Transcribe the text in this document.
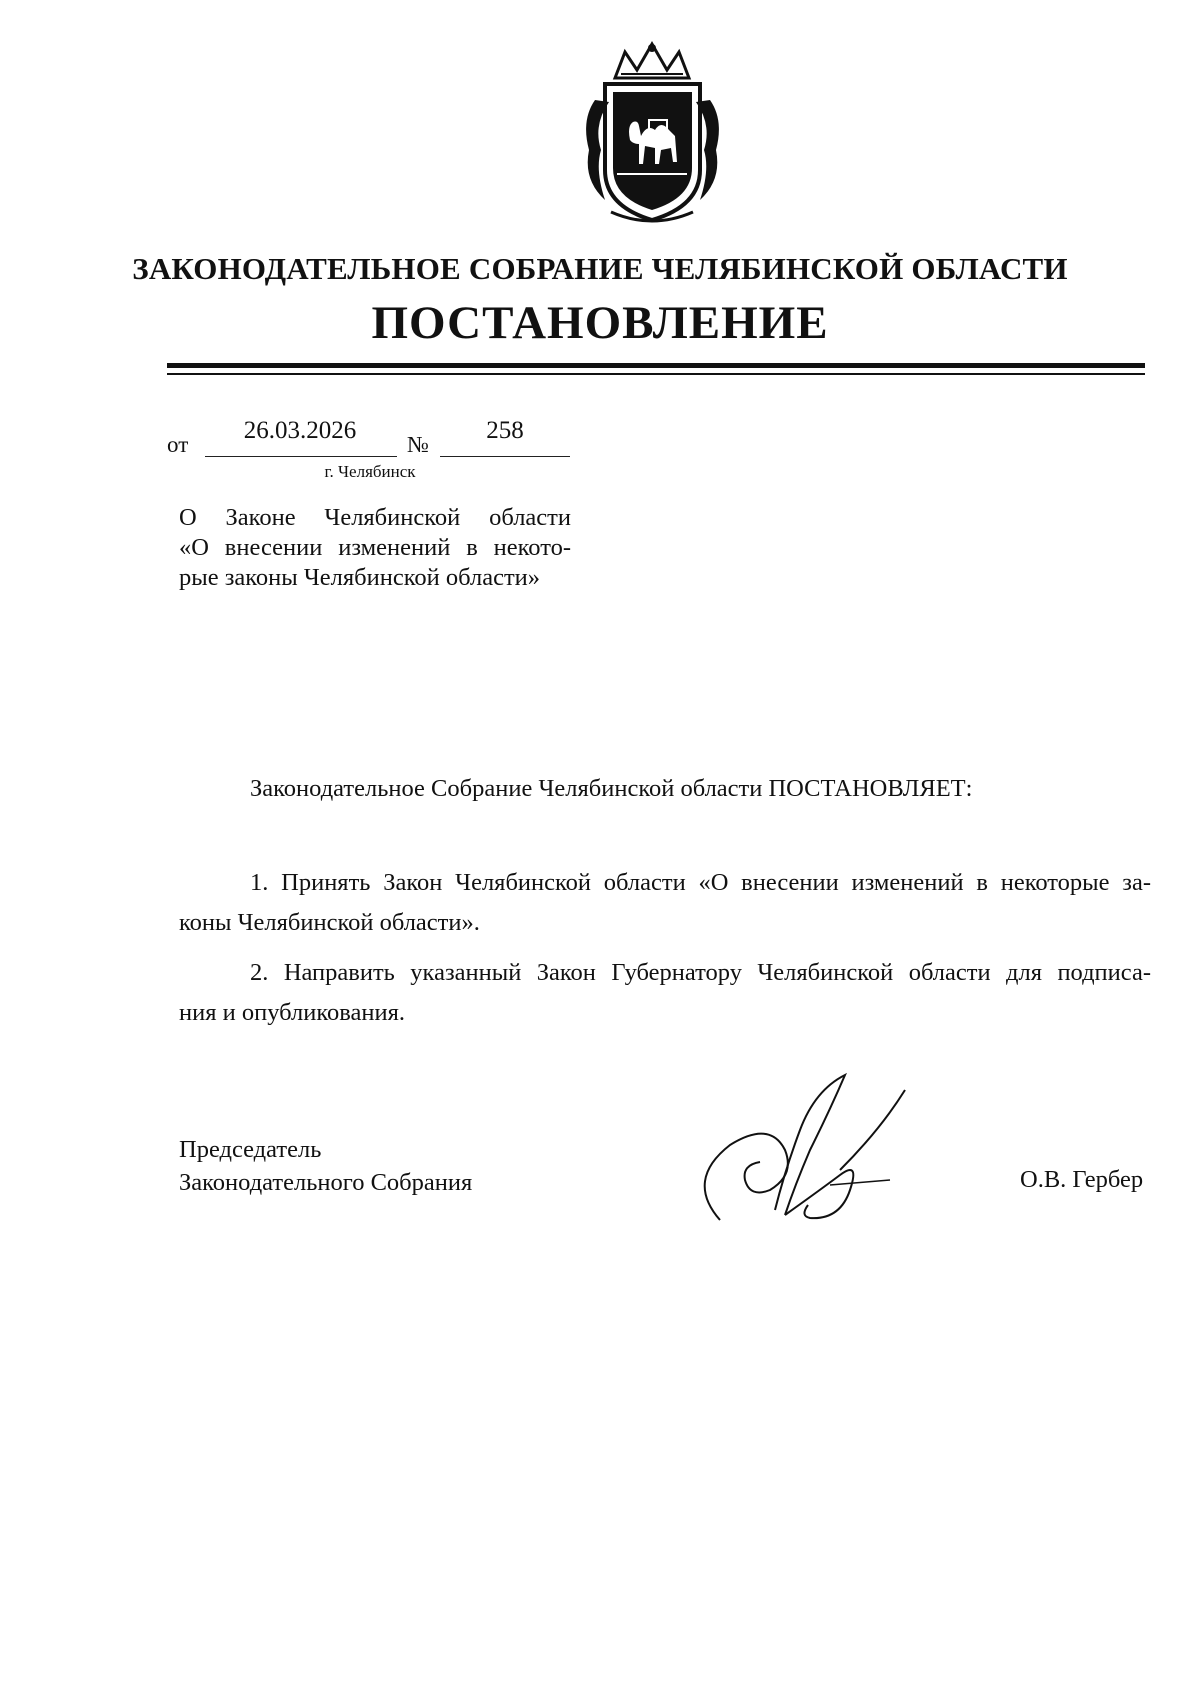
ЗАКОНОДАТЕЛЬНОЕ СОБРАНИЕ ЧЕЛЯБИНСКОЙ ОБЛАСТИ
ПОСТАНОВЛЕНИЕ
от
26.03.2026
№
258
г. Челябинск
О Законе Челябинской области
«О внесении изменений в некото-
рые законы Челябинской области»
Законодательное Собрание Челябинской области ПОСТАНОВЛЯЕТ:
1. Принять Закон Челябинской области «О внесении изменений в некоторые за-
коны Челябинской области».
2. Направить указанный Закон Губернатору Челябинской области для подписа-
ния и опубликования.
Председатель
Законодательного Собрания	О.В. Гербер
